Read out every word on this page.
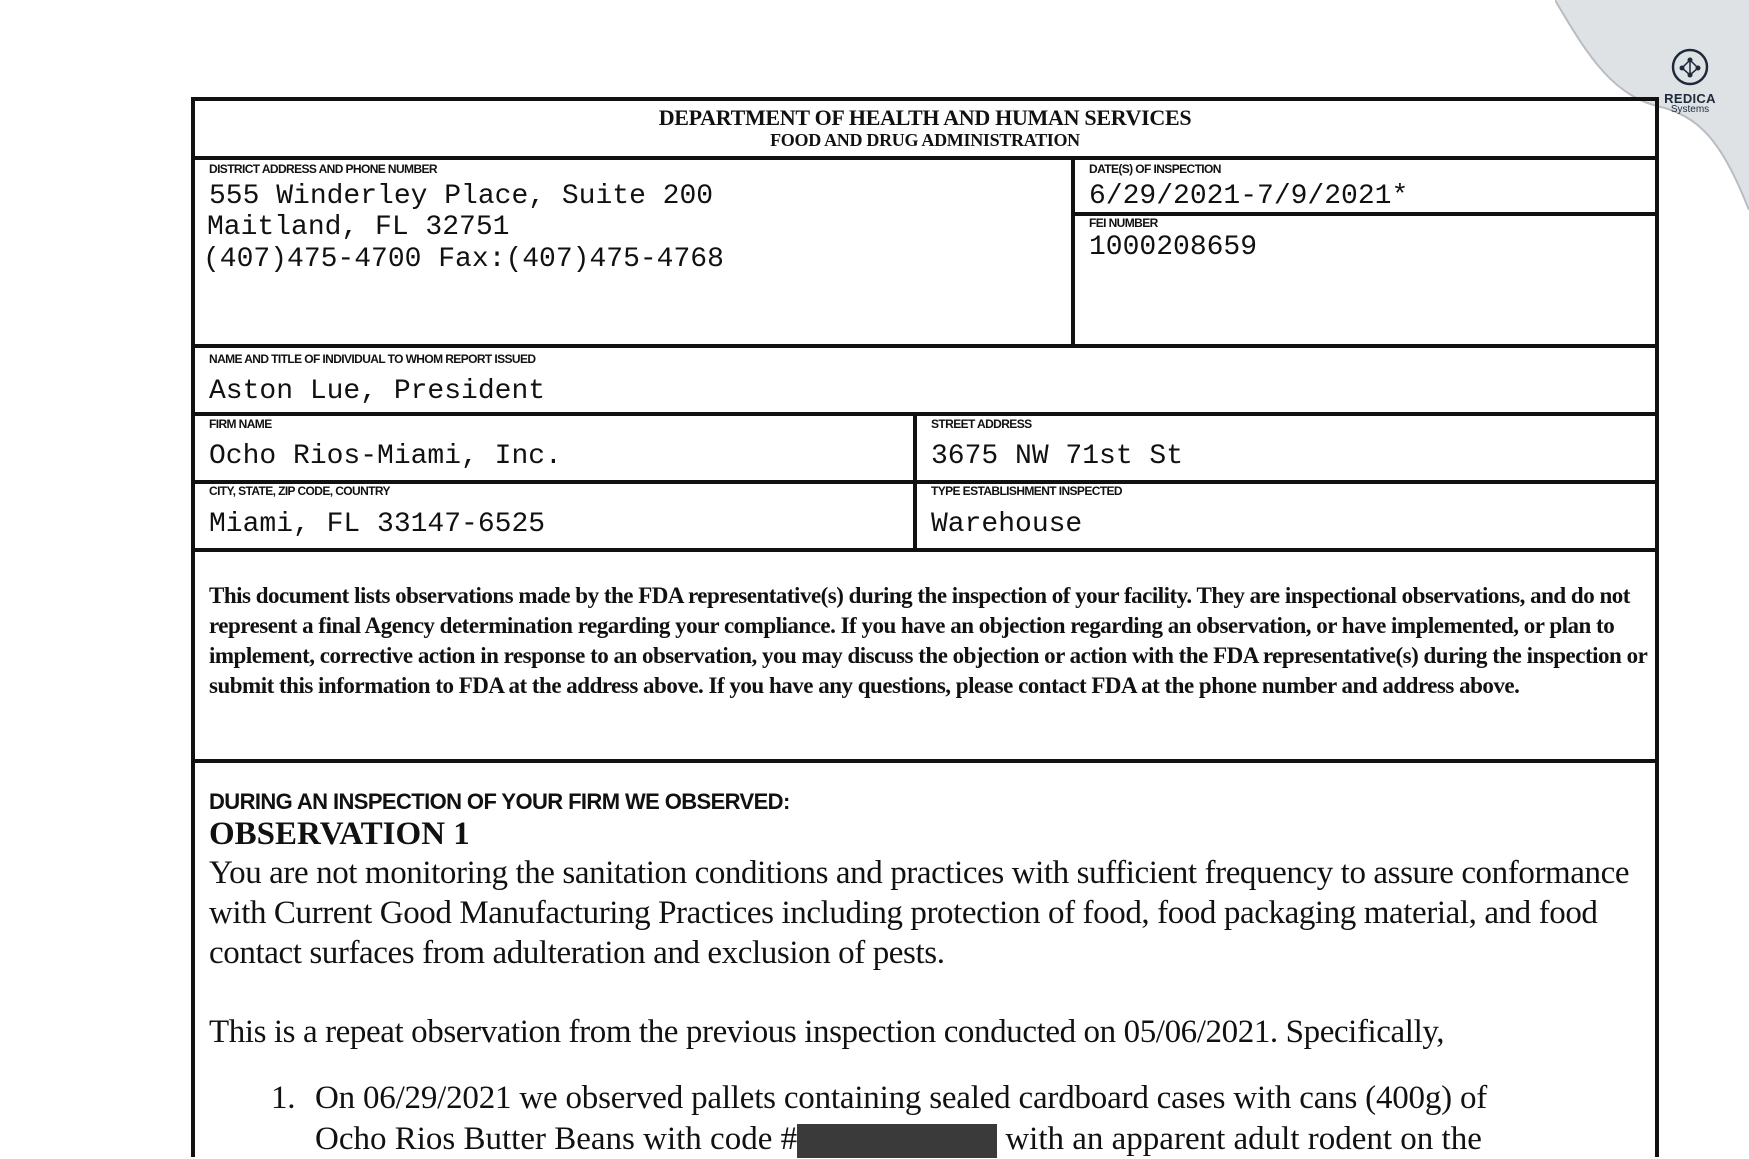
REDICA
Systems
DEPARTMENT OF HEALTH AND HUMAN SERVICES
FOOD AND DRUG ADMINISTRATION
DISTRICT ADDRESS AND PHONE NUMBER
555 Winderley Place, Suite 200
Maitland, FL 32751
(407)475-4700 Fax:(407)475-4768
DATE(S) OF INSPECTION
6/29/2021-7/9/2021*
FEI NUMBER
1000208659
NAME AND TITLE OF INDIVIDUAL TO WHOM REPORT ISSUED
Aston Lue, President
FIRM NAME
Ocho Rios-Miami, Inc.
STREET ADDRESS
3675 NW 71st St
CITY, STATE, ZIP CODE, COUNTRY
Miami, FL 33147-6525
TYPE ESTABLISHMENT INSPECTED
Warehouse
This document lists observations made by the FDA representative(s) during the inspection of your facility. They are inspectional observations, and do not represent a final Agency determination regarding your compliance. If you have an objection regarding an observation, or have implemented, or plan to implement, corrective action in response to an observation, you may discuss the objection or action with the FDA representative(s) during the inspection or submit this information to FDA at the address above. If you have any questions, please contact FDA at the phone number and address above.
DURING AN INSPECTION OF YOUR FIRM WE OBSERVED:
OBSERVATION 1
You are not monitoring the sanitation conditions and practices with sufficient frequency to assure conformance with Current Good Manufacturing Practices including protection of food, food packaging material, and food contact surfaces from adulteration and exclusion of pests.
This is a repeat observation from the previous inspection conducted on 05/06/2021. Specifically,
1. On 06/29/2021 we observed pallets containing sealed cardboard cases with cans (400g) of
Ocho Rios Butter Beans with code #	with an apparent adult rodent on the
